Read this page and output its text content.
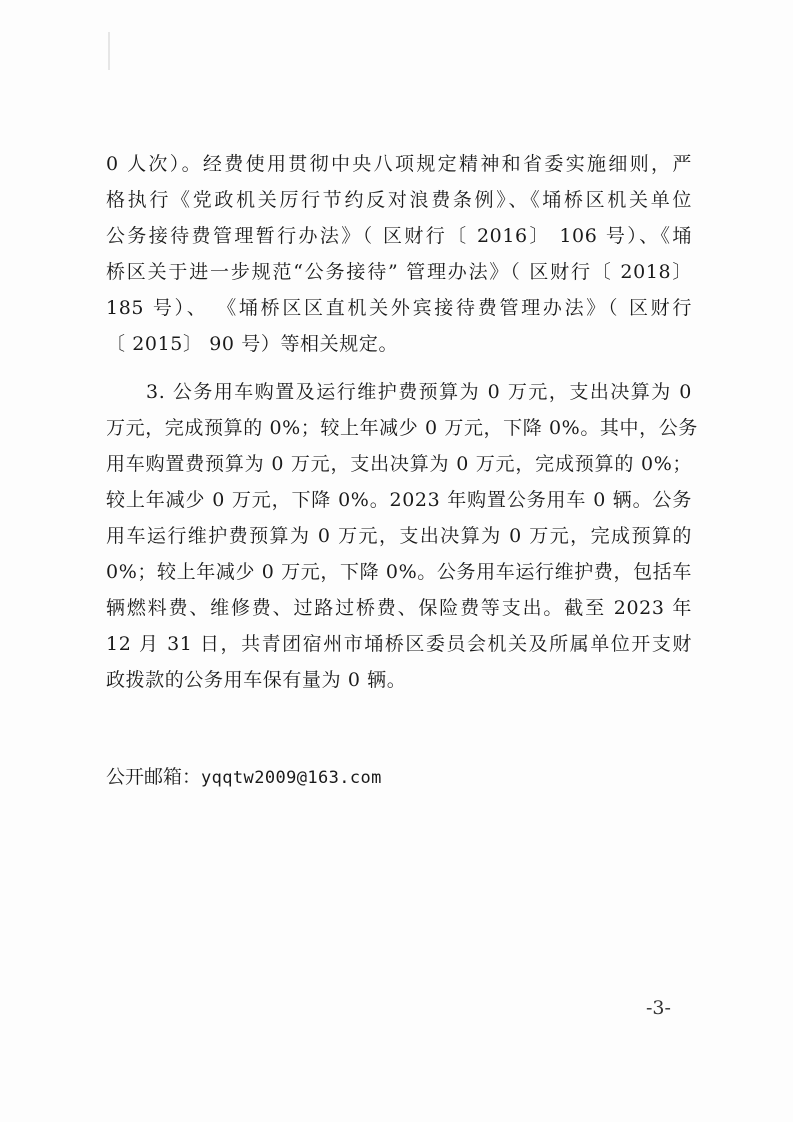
0 人次）。经费使用贯彻中央八项规定精神和省委实施细则，严
格执行《党政机关厉行节约反对浪费条例》、《埇桥区机关单位
公务接待费管理暂行办法》（ 区财行〔 2016〕 106 号）、《埇
桥区关于进一步规范“公务接待” 管理办法》（ 区财行〔 2018〕
185 号）、 《埇桥区区直机关外宾接待费管理办法》（ 区财行
〔 2015〕 90 号）等相关规定。
3. 公务用车购置及运行维护费预算为 0 万元，支出决算为 0
万元，完成预算的 0%；较上年减少 0 万元，下降 0%。其中，公务
用车购置费预算为 0 万元，支出决算为 0 万元，完成预算的 0%；
较上年减少 0 万元，下降 0%。2023 年购置公务用车 0 辆。公务
用车运行维护费预算为 0 万元，支出决算为 0 万元，完成预算的
0%；较上年减少 0 万元，下降 0%。公务用车运行维护费，包括车
辆燃料费、维修费、过路过桥费、保险费等支出。截至 2023 年
12 月 31 日，共青团宿州市埇桥区委员会机关及所属单位开支财
政拨款的公务用车保有量为 0 辆。
公开邮箱：yqqtw2009@163.com
-3-
